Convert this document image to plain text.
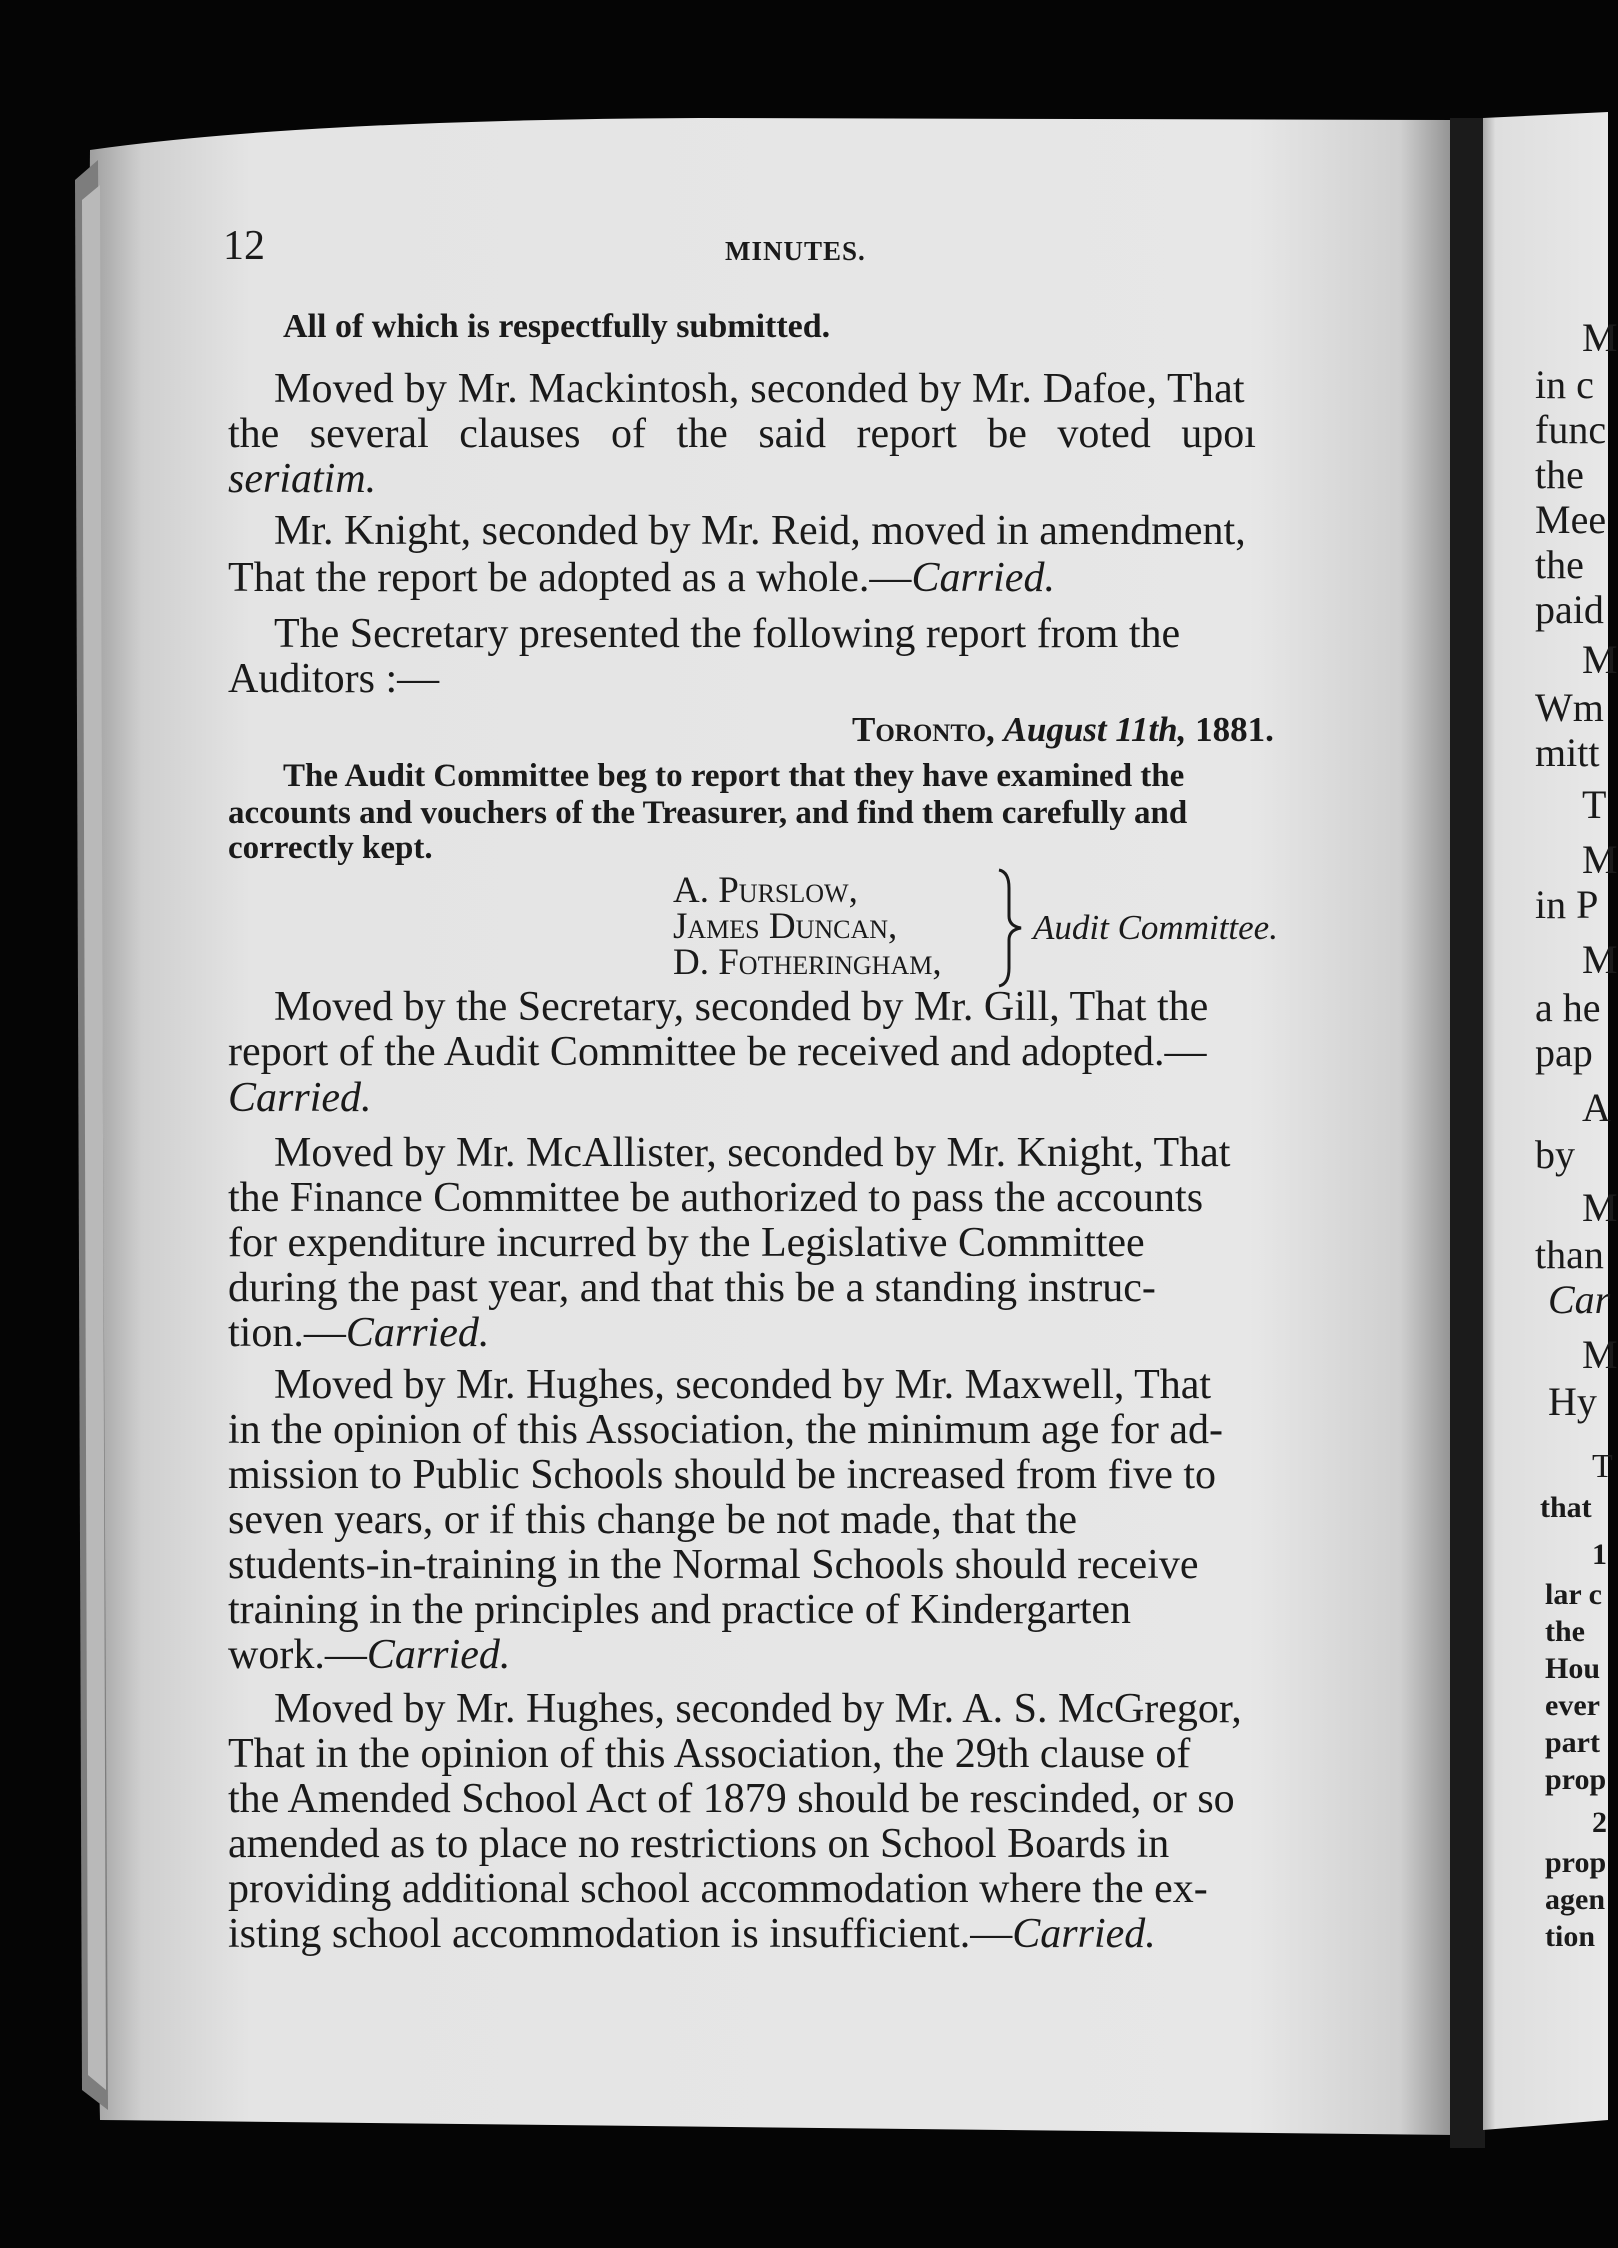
12	MINUTES.
All of which is respectfully submitted.
Moved by Mr. Mackintosh, seconded by Mr. Dafoe, That
the several clauses of the said report be voted upoı
seriatim.
Mr. Knight, seconded by Mr. Reid, moved in amendment,
That the report be adopted as a whole.—Carried.
The Secretary presented the following report from the
Auditors :—
Toronto, August 11th, 1881.
The Audit Committee beg to report that they have examined the
accounts and vouchers of the Treasurer, and find them carefully and
correctly kept.
A. Purslow,
James Duncan,
D. Fotheringham,
Audit Committee.
Moved by the Secretary, seconded by Mr. Gill, That the
report of the Audit Committee be received and adopted.—
Carried.
Moved by Mr. McAllister, seconded by Mr. Knight, That
the Finance Committee be authorized to pass the accounts
for expenditure incurred by the Legislative Committee
during the past year, and that this be a standing instruc-
tion.—Carried.
Moved by Mr. Hughes, seconded by Mr. Maxwell, That
in the opinion of this Association, the minimum age for ad-
mission to Public Schools should be increased from five to
seven years, or if this change be not made, that the
students-in-training in the Normal Schools should receive
training in the principles and practice of Kindergarten
work.—Carried.
Moved by Mr. Hughes, seconded by Mr. A. S. McGregor,
That in the opinion of this Association, the 29th clause of
the Amended School Act of 1879 should be rescinded, or so
amended as to place no restrictions on School Boards in
providing additional school accommodation where the ex-
isting school accommodation is insufficient.—Carried.
M
in c
func
the
Mee
the
paid
M
Wm
mitt
T
M
in P
M
a he
pap
A
by
M
than
Car
M
Hy
T
that
1
lar c
the
Hou
ever
part
prop
2
prop
agen
tion
